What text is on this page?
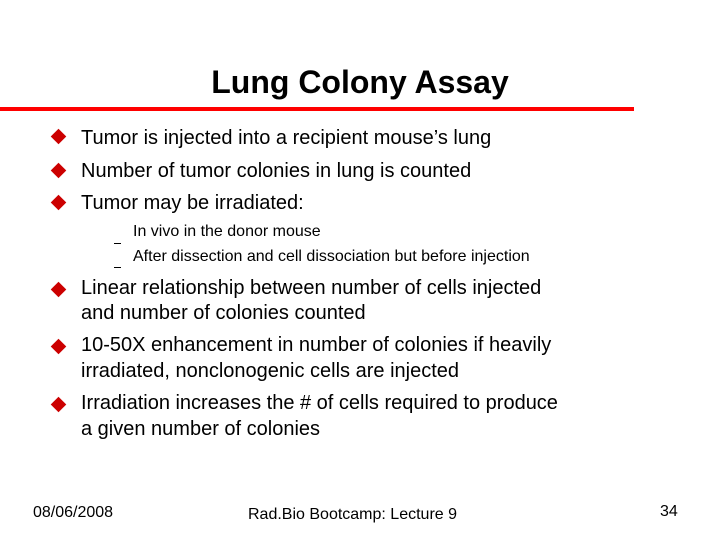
Lung Colony Assay
Tumor is injected into a recipient mouse’s lung
Number of tumor colonies in lung is counted
Tumor may be irradiated:
In vivo in the donor mouse
After dissection and cell dissociation but before injection
Linear relationship between number of cells injected
and number of colonies counted
10-50X enhancement in number of colonies if heavily
irradiated, nonclonogenic cells are injected
Irradiation increases the # of cells required to produce
a given number of colonies
08/06/2008	Rad.Bio Bootcamp: Lecture 9	34
